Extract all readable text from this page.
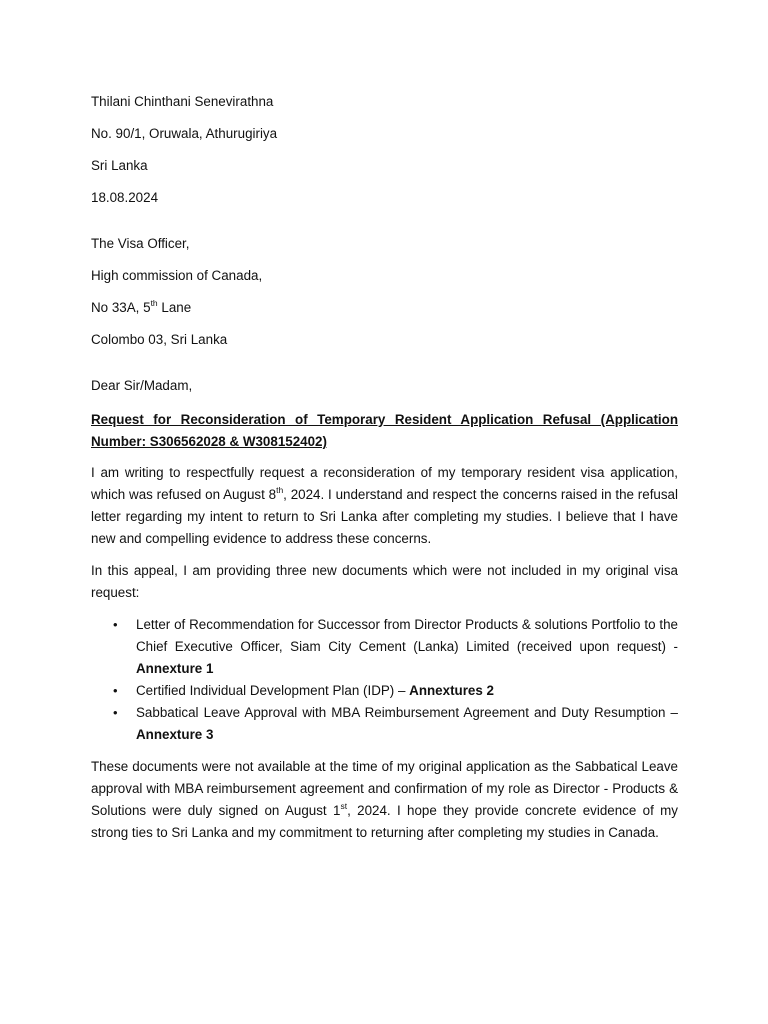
Thilani Chinthani Senevirathna
No. 90/1, Oruwala, Athurugiriya
Sri Lanka
18.08.2024
The Visa Officer,
High commission of Canada,
No 33A, 5th Lane
Colombo 03, Sri Lanka
Dear Sir/Madam,
Request for Reconsideration of Temporary Resident Application Refusal (Application Number: S306562028 & W308152402)
I am writing to respectfully request a reconsideration of my temporary resident visa application, which was refused on August 8th, 2024. I understand and respect the concerns raised in the refusal letter regarding my intent to return to Sri Lanka after completing my studies. I believe that I have new and compelling evidence to address these concerns.
In this appeal, I am providing three new documents which were not included in my original visa request:
• Letter of Recommendation for Successor from Director Products & solutions Portfolio to the Chief Executive Officer, Siam City Cement (Lanka) Limited (received upon request) - Annexture 1
• Certified Individual Development Plan (IDP) – Annextures 2
• Sabbatical Leave Approval with MBA Reimbursement Agreement and Duty Resumption – Annexture 3
These documents were not available at the time of my original application as the Sabbatical Leave approval with MBA reimbursement agreement and confirmation of my role as Director - Products & Solutions were duly signed on August 1st, 2024. I hope they provide concrete evidence of my strong ties to Sri Lanka and my commitment to returning after completing my studies in Canada.
